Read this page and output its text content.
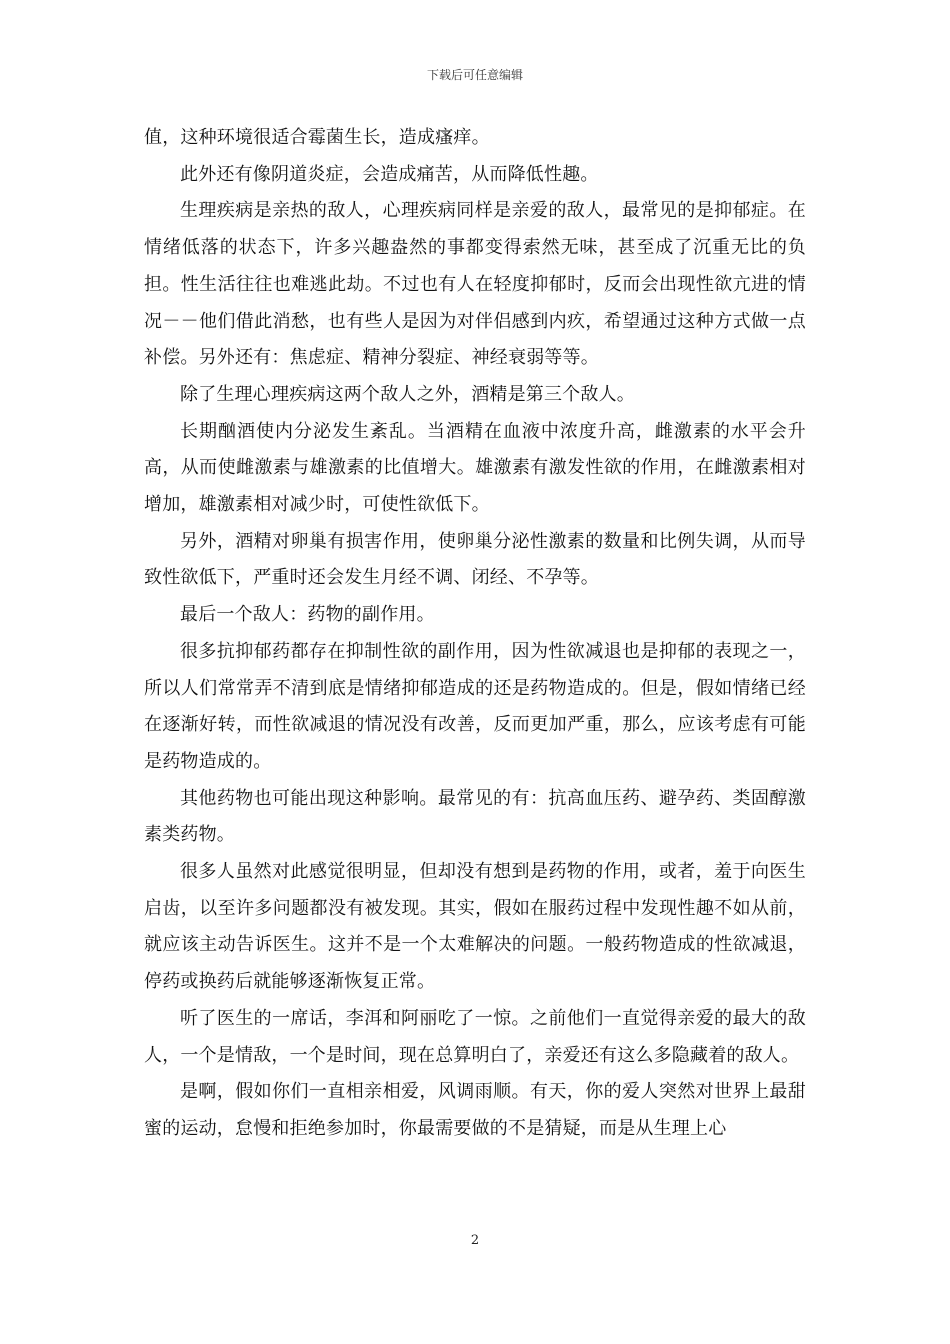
下载后可任意编辑

值，这种环境很适合霉菌生长，造成瘙痒。

此外还有像阴道炎症，会造成痛苦，从而降低性趣。

生理疾病是亲热的敌人，心理疾病同样是亲爱的敌人，最常见的是抑郁症。在情绪低落的状态下，许多兴趣盎然的事都变得索然无味，甚至成了沉重无比的负担。性生活往往也难逃此劫。不过也有人在轻度抑郁时，反而会出现性欲亢进的情况－－他们借此消愁，也有些人是因为对伴侣感到内疚，希望通过这种方式做一点补偿。另外还有：焦虑症、精神分裂症、神经衰弱等等。

除了生理心理疾病这两个敌人之外，酒精是第三个敌人。

长期酗酒使内分泌发生紊乱。当酒精在血液中浓度升高，雌激素的水平会升高，从而使雌激素与雄激素的比值增大。雄激素有激发性欲的作用，在雌激素相对增加，雄激素相对减少时，可使性欲低下。

另外，酒精对卵巢有损害作用，使卵巢分泌性激素的数量和比例失调，从而导致性欲低下，严重时还会发生月经不调、闭经、不孕等。

最后一个敌人：药物的副作用。

很多抗抑郁药都存在抑制性欲的副作用，因为性欲减退也是抑郁的表现之一，所以人们常常弄不清到底是情绪抑郁造成的还是药物造成的。但是，假如情绪已经在逐渐好转，而性欲减退的情况没有改善，反而更加严重，那么，应该考虑有可能是药物造成的。

其他药物也可能出现这种影响。最常见的有：抗高血压药、避孕药、类固醇激素类药物。

很多人虽然对此感觉很明显，但却没有想到是药物的作用，或者，羞于向医生启齿，以至许多问题都没有被发现。其实，假如在服药过程中发现性趣不如从前，就应该主动告诉医生。这并不是一个太难解决的问题。一般药物造成的性欲减退，停药或换药后就能够逐渐恢复正常。

听了医生的一席话，李洱和阿丽吃了一惊。之前他们一直觉得亲爱的最大的敌人，一个是情敌，一个是时间，现在总算明白了，亲爱还有这么多隐藏着的敌人。

是啊，假如你们一直相亲相爱，风调雨顺。有天，你的爱人突然对世界上最甜蜜的运动，怠慢和拒绝参加时，你最需要做的不是猜疑，而是从生理上心

2
